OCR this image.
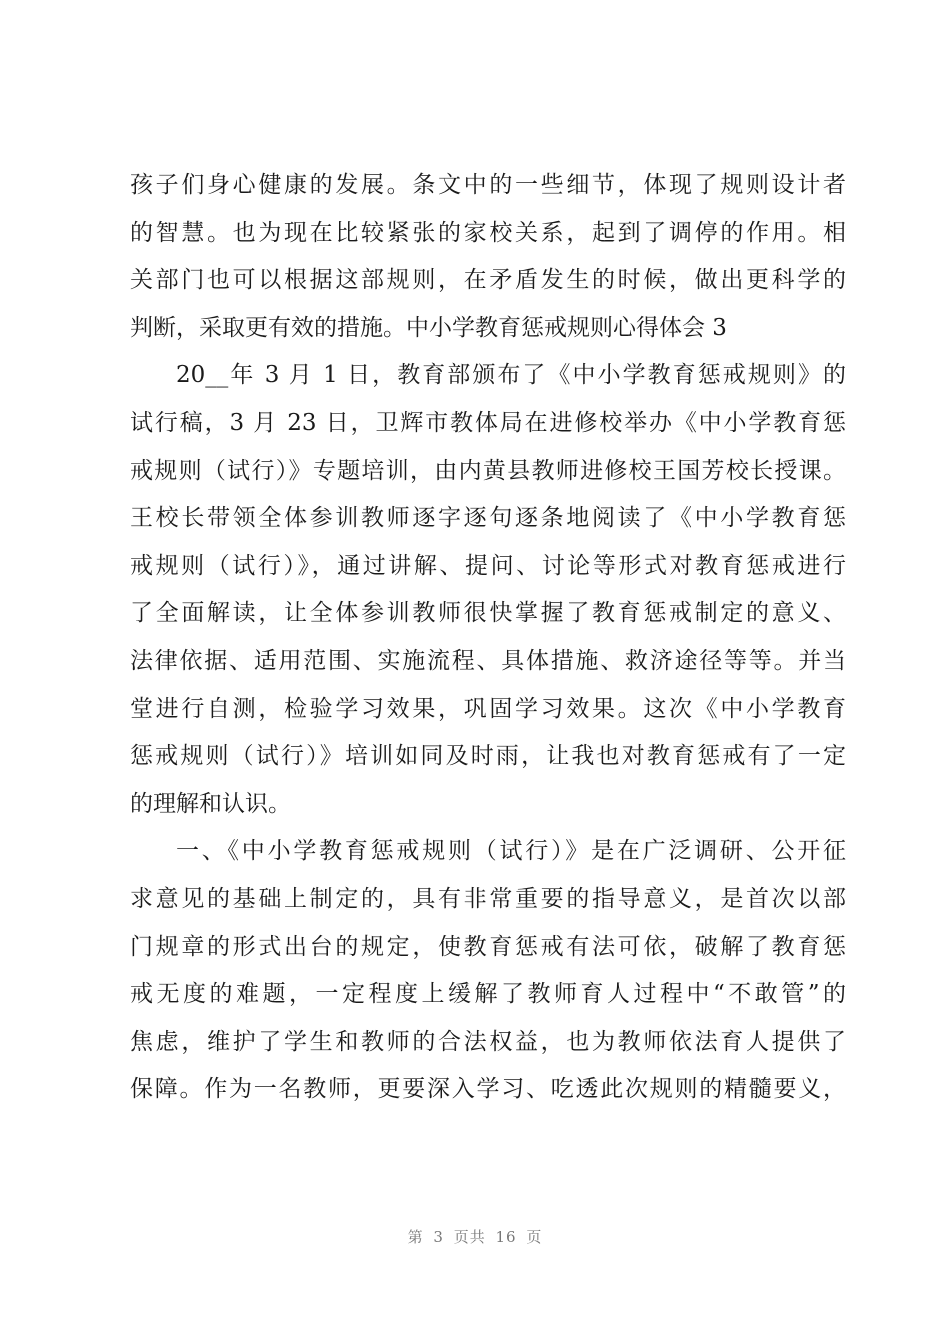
孩子们身心健康的发展。条文中的一些细节，体现了规则设计者
的智慧。也为现在比较紧张的家校关系，起到了调停的作用。相
关部门也可以根据这部规则，在矛盾发生的时候，做出更科学的
判断，采取更有效的措施。中小学教育惩戒规则心得体会 3
20__年 3 月 1 日，教育部颁布了《中小学教育惩戒规则》的
试行稿，3 月 23 日，卫辉市教体局在进修校举办《中小学教育惩
戒规则（试行）》专题培训，由内黄县教师进修校王国芳校长授课。
王校长带领全体参训教师逐字逐句逐条地阅读了《中小学教育惩
戒规则（试行）》，通过讲解、提问、讨论等形式对教育惩戒进行
了全面解读，让全体参训教师很快掌握了教育惩戒制定的意义、
法律依据、适用范围、实施流程、具体措施、救济途径等等。并当
堂进行自测，检验学习效果，巩固学习效果。这次《中小学教育
惩戒规则（试行）》培训如同及时雨，让我也对教育惩戒有了一定
的理解和认识。
一、《中小学教育惩戒规则（试行）》是在广泛调研、公开征
求意见的基础上制定的，具有非常重要的指导意义，是首次以部
门规章的形式出台的规定，使教育惩戒有法可依，破解了教育惩
戒无度的难题，一定程度上缓解了教师育人过程中“不敢管”的
焦虑，维护了学生和教师的合法权益，也为教师依法育人提供了
保障。作为一名教师，更要深入学习、吃透此次规则的精髓要义，
第 3 页共 16 页
